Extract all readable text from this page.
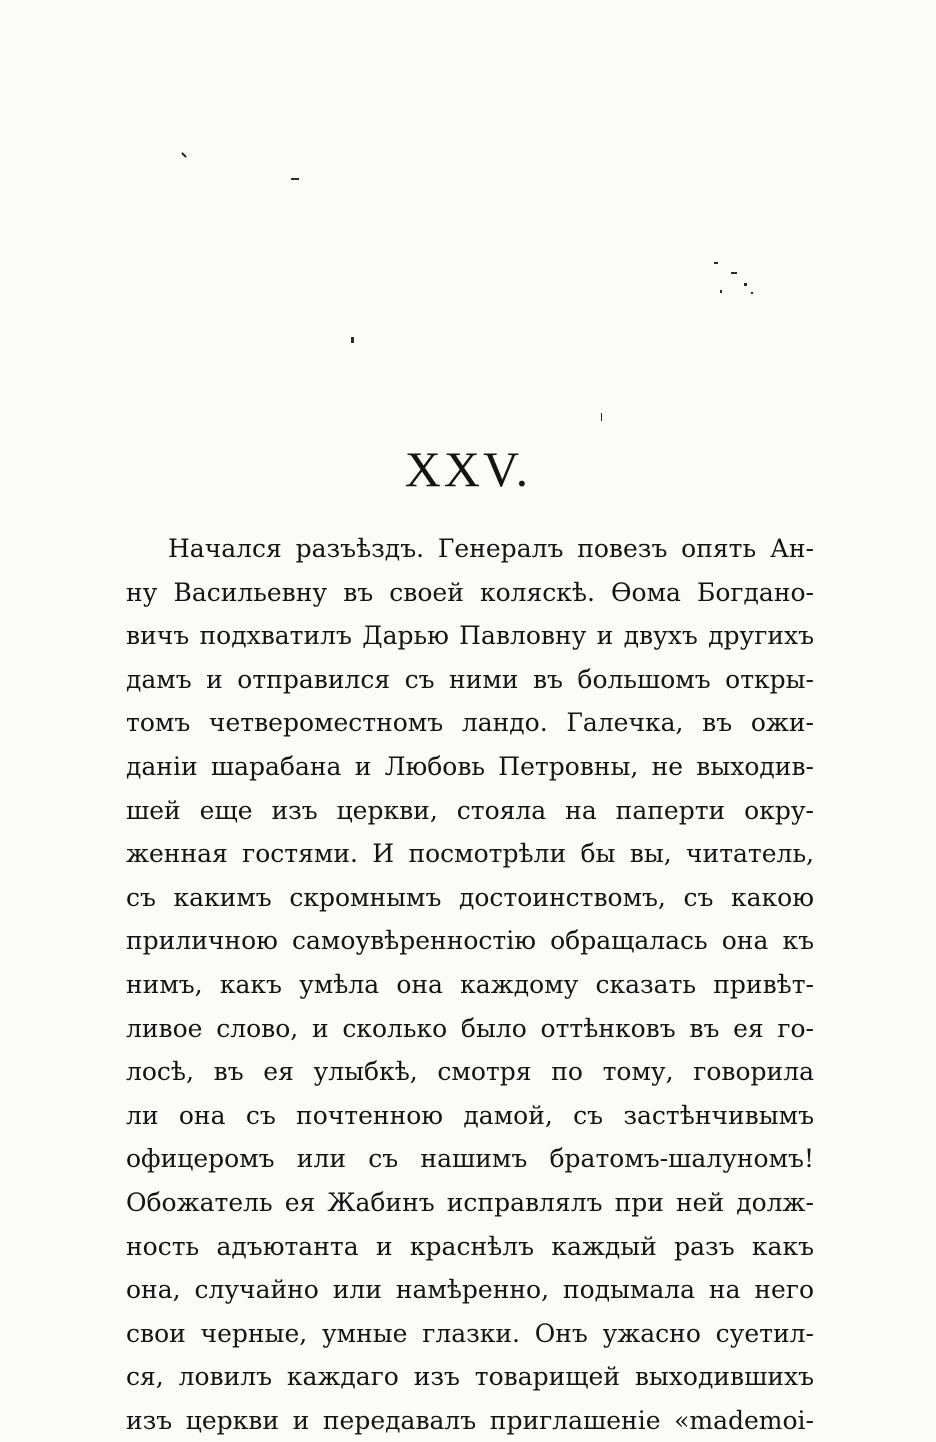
XXV.
Начался разъѣздъ. Генералъ повезъ опять Ан-
ну Васильевну въ своей коляскѣ. Ѳома Богдано-
вичъ подхватилъ Дарью Павловну и двухъ другихъ
дамъ и отправился съ ними въ большомъ откры-
томъ четвероместномъ ландо. Галечка, въ ожи-
даніи шарабана и Любовь Петровны, не выходив-
шей еще изъ церкви, стояла на паперти окру-
женная гостями. И посмотрѣли бы вы, читатель,
съ какимъ скромнымъ достоинствомъ, съ какою
приличною самоувѣренностію обращалась она къ
нимъ, какъ умѣла она каждому сказать привѣт-
ливое слово, и сколько было оттѣнковъ въ ея го-
лосѣ, въ ея улыбкѣ, смотря по тому, говорила
ли она съ почтенною дамой, съ застѣнчивымъ
офицеромъ или съ нашимъ братомъ-шалуномъ!
Обожатель ея Жабинъ исправлялъ при ней долж-
ность адъютанта и краснѣлъ каждый разъ какъ
она, случайно или намѣренно, подымала на него
свои черные, умные глазки. Онъ ужасно суетил-
ся, ловилъ каждаго изъ товарищей выходившихъ
изъ церкви и передавалъ приглашеніе «mademoi-
